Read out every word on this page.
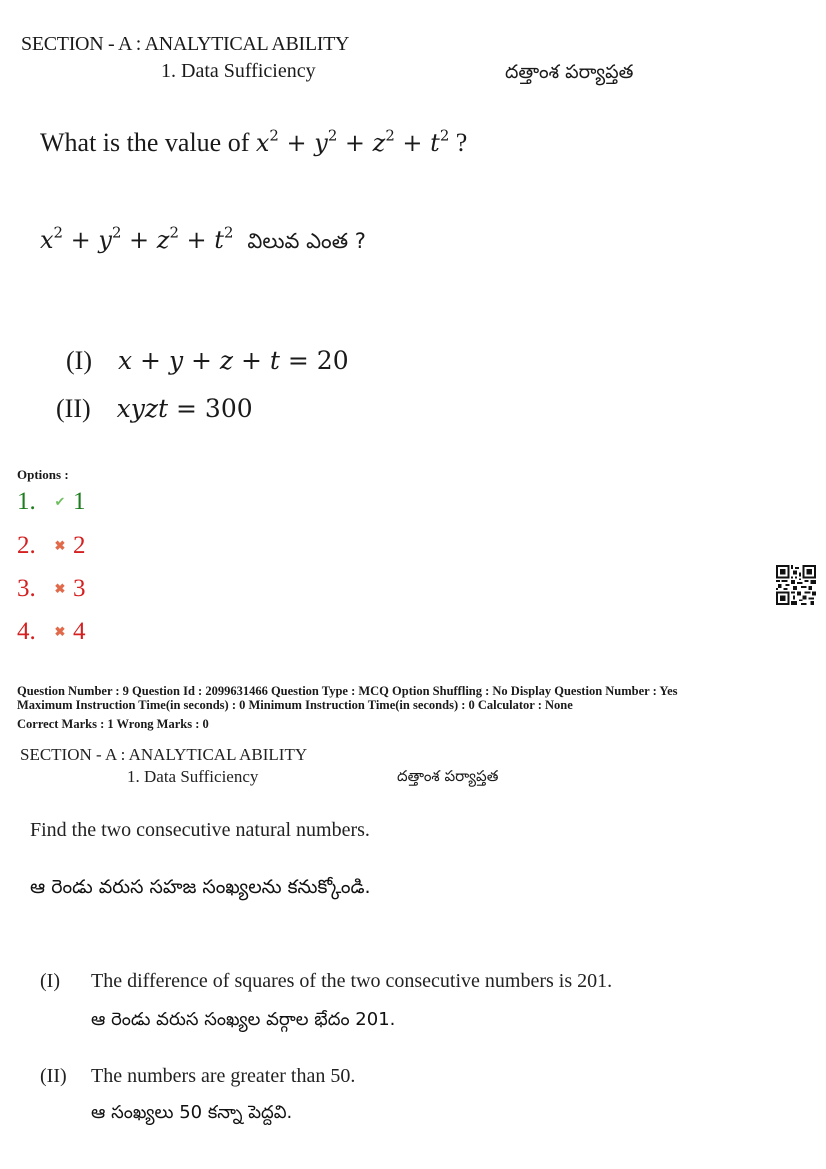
SECTION - A : ANALYTICAL ABILITY
1. Data Sufficiency	దత్తాంశ పర్యాప్తత
What is the value of $x^2 + y^2 + z^2 + t^2$ ?
$x^2 + y^2 + z^2 + t^2$ విలువ ఎంత ?
(I) x + y + z + t = 20
(II) xyzt = 300
Options :
1.	✔ 1
2.	✖ 2
3.	✖ 3
4.	✖ 4
Question Number : 9 Question Id : 2099631466 Question Type : MCQ Option Shuffling : No Display Question Number : Yes
Maximum Instruction Time(in seconds) : 0 Minimum Instruction Time(in seconds) : 0 Calculator : None
Correct Marks : 1 Wrong Marks : 0
SECTION - A : ANALYTICAL ABILITY
1. Data Sufficiency	దత్తాంశ పర్యాప్తత
Find the two consecutive natural numbers.
ఆ రెండు వరుస సహజ సంఖ్యలను కనుక్కోండి.
(I) The difference of squares of the two consecutive numbers is 201.
ఆ రెండు వరుస సంఖ్యల వర్గాల భేదం 201.
(II) The numbers are greater than 50.
ఆ సంఖ్యలు 50 కన్నా పెద్దవి.
